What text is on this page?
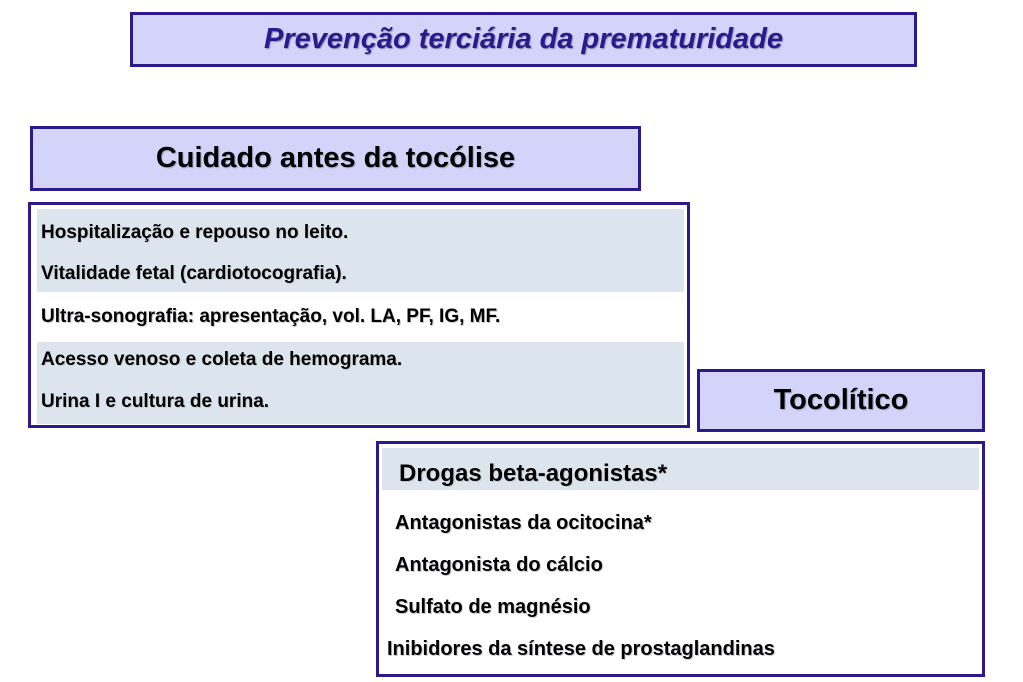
Prevenção terciária da prematuridade
Cuidado antes da tocólise
Hospitalização e repouso no leito.
Vitalidade fetal (cardiotocografia).
Ultra-sonografia: apresentação, vol. LA, PF, IG, MF.
Acesso venoso e coleta de hemograma.
Urina I e cultura de urina.	Tocolítico
Drogas beta-agonistas*
Antagonistas da ocitocina*
Antagonista do cálcio
Sulfato de magnésio
Inibidores da síntese de prostaglandinas
